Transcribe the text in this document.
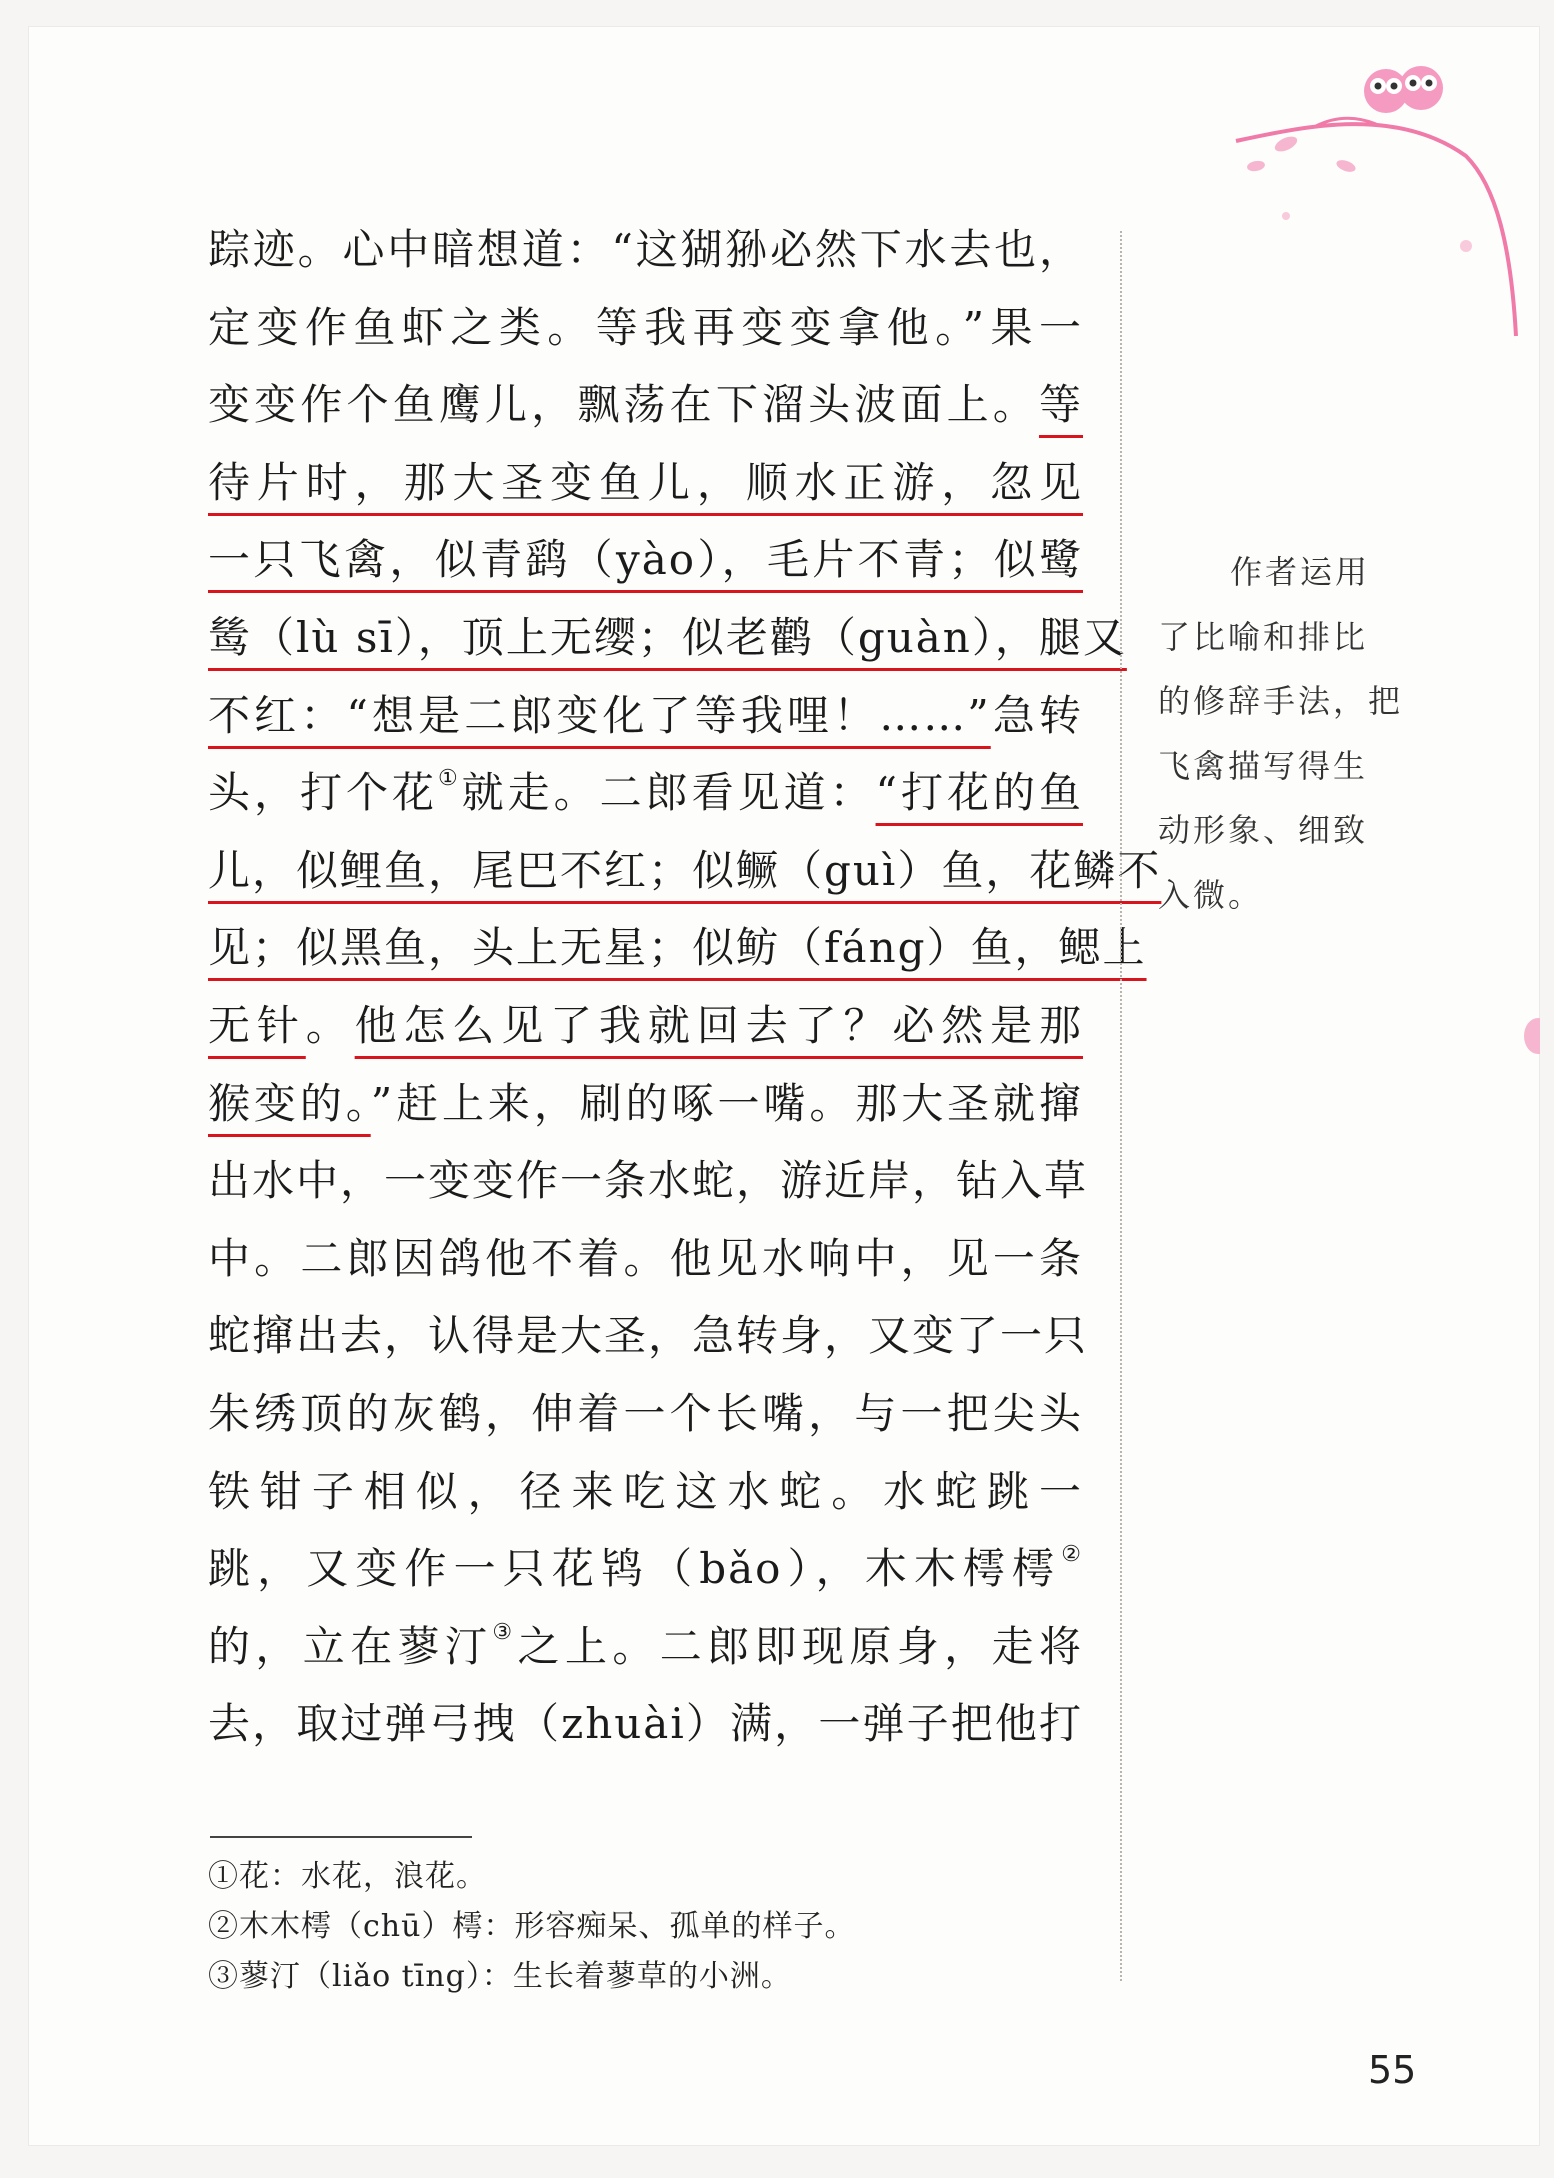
踪迹。心中暗想道：“这猢狲必然下水去也，
定变作鱼虾之类。等我再变变拿他。”果一
变变作个鱼鹰儿，飘荡在下溜头波面上。等
待片时，那大圣变鱼儿，顺水正游，忽见
一只飞禽，似青鹞（yào），毛片不青；似鹭
鸶（lù sī），顶上无缨；似老鹳（guàn），腿又
不红：“想是二郎变化了等我哩！……”急转
头，打个花①就走。二郎看见道：“打花的鱼
儿，似鲤鱼，尾巴不红；似鳜（guì）鱼，花鳞不
见；似黑鱼，头上无星；似鲂（fáng）鱼，鳃上
无针。他怎么见了我就回去了？必然是那
猴变的。”赶上来，刷的啄一嘴。那大圣就撺
出水中，一变变作一条水蛇，游近岸，钻入草
中。二郎因鸽他不着。他见水响中，见一条
蛇撺出去，认得是大圣，急转身，又变了一只
朱绣顶的灰鹤，伸着一个长嘴，与一把尖头
铁钳子相似，径来吃这水蛇。水蛇跳一
跳，又变作一只花鸨（bǎo），木木樗樗②
的，立在蓼汀③之上。二郎即现原身，走将
去，取过弹弓拽（zhuài）满，一弹子把他打
作者运用
了比喻和排比
的修辞手法，把
飞禽描写得生
动形象、细致
入微。
①花：水花，浪花。
②木木樗（chū）樗：形容痴呆、孤单的样子。
③蓼汀（liǎo tīng）：生长着蓼草的小洲。
55
